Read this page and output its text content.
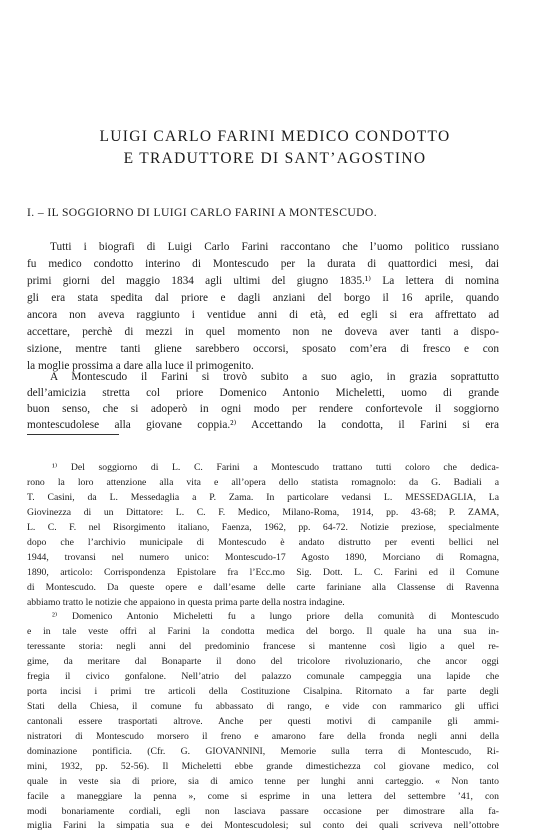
LUIGI CARLO FARINI MEDICO CONDOTTO
E TRADUTTORE DI SANT’AGOSTINO
I. – IL SOGGIORNO DI LUIGI CARLO FARINI A MONTESCUDO.
Tutti i biografi di Luigi Carlo Farini raccontano che l’uomo politico russiano
fu medico condotto interino di Montescudo per la durata di quattordici mesi, dai
primi giorni del maggio 1834 agli ultimi del giugno 1835.¹⁾ La lettera di nomina
gli era stata spedita dal priore e dagli anziani del borgo il 16 aprile, quando
ancora non aveva raggiunto i ventidue anni di età, ed egli si era affrettato ad
accettare, perchè di mezzi in quel momento non ne doveva aver tanti a dispo-
sizione, mentre tanti gliene sarebbero occorsi, sposato com’era di fresco e con
la moglie prossima a dare alla luce il primogenito.
A Montescudo il Farini si trovò subito a suo agio, in grazia soprattutto
dell’amicizia stretta col priore Domenico Antonio Micheletti, uomo di grande
buon senso, che si adoperò in ogni modo per rendere confortevole il soggiorno
montescudolese alla giovane coppia.²⁾ Accettando la condotta, il Farini si era
¹⁾ Del soggiorno di L. C. Farini a Montescudo trattano tutti coloro che dedica-
rono la loro attenzione alla vita e all’opera dello statista romagnolo: da G. Badiali a
T. Casini, da L. Messedaglia a P. Zama. In particolare vedansi L. MESSEDAGLIA, La
Giovinezza di un Dittatore: L. C. F. Medico, Milano-Roma, 1914, pp. 43-68; P. ZAMA,
L. C. F. nel Risorgimento italiano, Faenza, 1962, pp. 64-72. Notizie preziose, specialmente
dopo che l’archivio municipale di Montescudo è andato distrutto per eventi bellici nel
1944, trovansi nel numero unico: Montescudo-17 Agosto 1890, Morciano di Romagna,
1890, articolo: Corrispondenza Epistolare fra l’Ecc.mo Sig. Dott. L. C. Farini ed il Comune
di Montescudo. Da queste opere e dall’esame delle carte fariniane alla Classense di Ravenna
abbiamo tratto le notizie che appaiono in questa prima parte della nostra indagine.
²⁾ Domenico Antonio Micheletti fu a lungo priore della comunità di Montescudo
e in tale veste offrì al Farini la condotta medica del borgo. Il quale ha una sua in-
teressante storia: negli anni del predominio francese si mantenne così ligio a quel re-
gime, da meritare dal Bonaparte il dono del tricolore rivoluzionario, che ancor oggi
fregia il civico gonfalone. Nell’atrio del palazzo comunale campeggia una lapide che
porta incisi i primi tre articoli della Costituzione Cisalpina. Ritornato a far parte degli
Stati della Chiesa, il comune fu abbassato di rango, e vide con rammarico gli uffici
cantonali essere trasportati altrove. Anche per questi motivi di campanile gli ammi-
nistratori di Montescudo morsero il freno e amarono fare della fronda negli anni della
dominazione pontificia. (Cfr. G. GIOVANNINI, Memorie sulla terra di Montescudo, Ri-
mini, 1932, pp. 52-56). Il Micheletti ebbe grande dimestichezza col giovane medico, col
quale in veste sia di priore, sia di amico tenne per lunghi anni carteggio. « Non tanto
facile a maneggiare la penna », come si esprime in una lettera del settembre ’41, con
modi bonariamente cordiali, egli non lasciava passare occasione per dimostrare alla fa-
miglia Farini la simpatia sua e dei Montescudolesi; sul conto dei quali scriveva nell’ottobre
